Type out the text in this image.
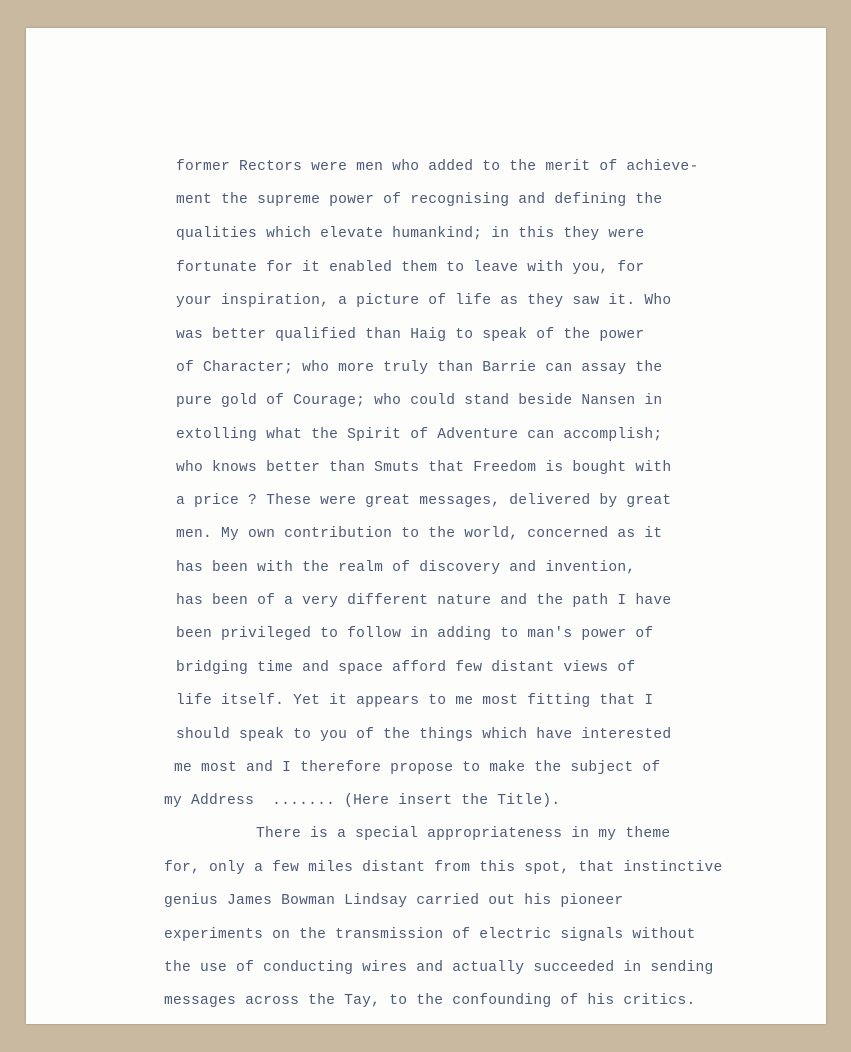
former Rectors were men who added to the merit of achieve-

ment the supreme power of recognising and defining the

qualities which elevate humankind; in this they were

fortunate for it enabled them to leave with you, for

your inspiration, a picture of life as they saw it. Who

was better qualified than Haig to speak of the power

of Character; who more truly than Barrie can assay the

pure gold of Courage; who could stand beside Nansen in

extolling what the Spirit of Adventure can accomplish;

who knows better than Smuts that Freedom is bought with

a price ? These were great messages, delivered by great

men. My own contribution to the world, concerned as it

has been with the realm of discovery and invention,

has been of a very different nature and the path I have

been privileged to follow in adding to man's power of

bridging time and space afford few distant views of

life itself. Yet it appears to me most fitting that I

should speak to you of the things which have interested

me most and I therefore propose to make the subject of

my Address  ....... (Here insert the Title).

There is a special appropriateness in my theme

for, only a few miles distant from this spot, that instinctive

genius James Bowman Lindsay carried out his pioneer

experiments on the transmission of electric signals without

the use of conducting wires and actually succeeded in sending

messages across the Tay, to the confounding of his critics.
